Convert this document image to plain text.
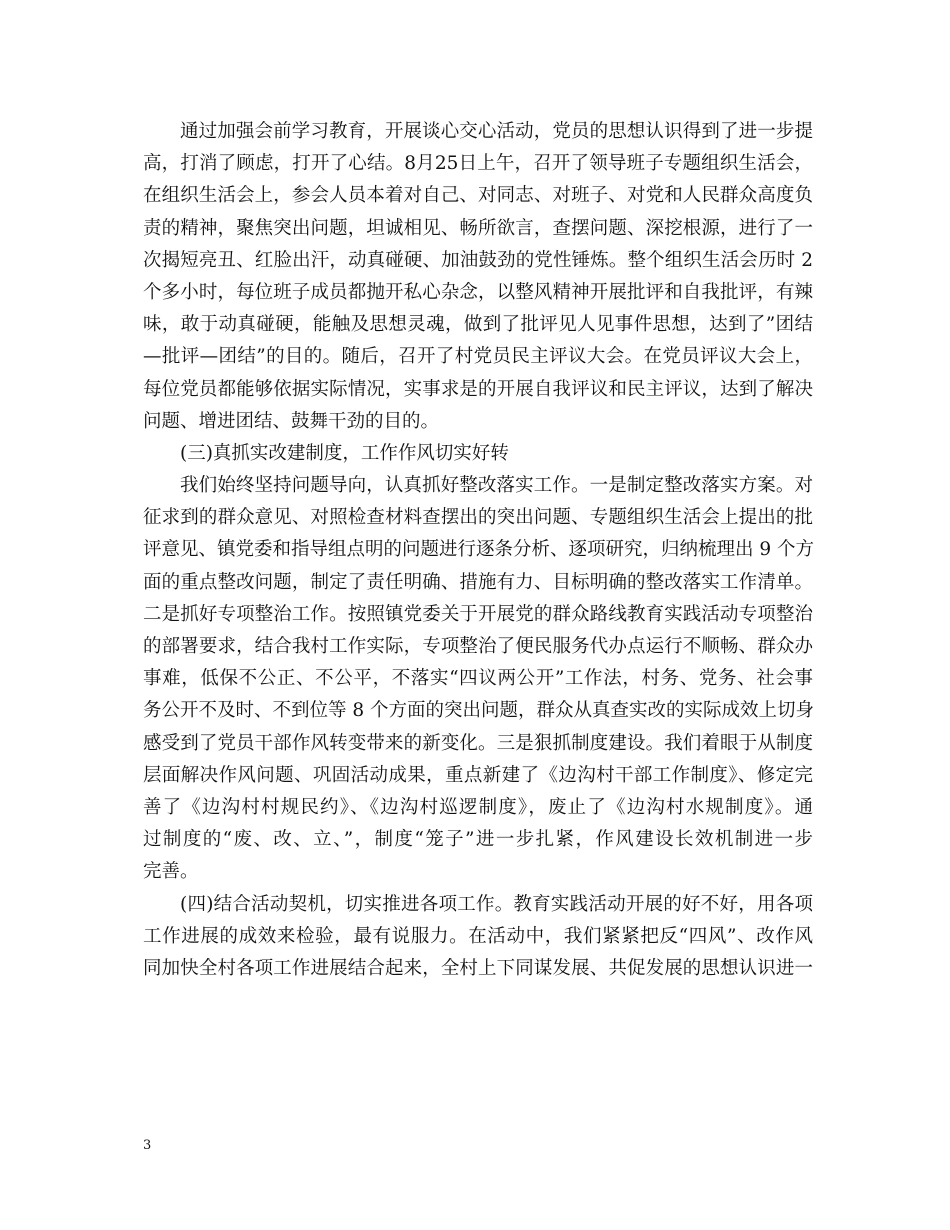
通过加强会前学习教育，开展谈心交心活动，党员的思想认识得到了进一步提
高，打消了顾虑，打开了心结。8月25日上午，召开了领导班子专题组织生活会，
在组织生活会上，参会人员本着对自己、对同志、对班子、对党和人民群众高度负
责的精神，聚焦突出问题，坦诚相见、畅所欲言，查摆问题、深挖根源，进行了一
次揭短亮丑、红脸出汗，动真碰硬、加油鼓劲的党性锤炼。整个组织生活会历时 2
个多小时，每位班子成员都抛开私心杂念，以整风精神开展批评和自我批评，有辣
味，敢于动真碰硬，能触及思想灵魂，做到了批评见人见事件思想，达到了”团结
—批评—团结”的目的。随后，召开了村党员民主评议大会。在党员评议大会上，
每位党员都能够依据实际情况，实事求是的开展自我评议和民主评议，达到了解决
问题、增进团结、鼓舞干劲的目的。
(三)真抓实改建制度，工作作风切实好转
我们始终坚持问题导向，认真抓好整改落实工作。一是制定整改落实方案。对
征求到的群众意见、对照检查材料查摆出的突出问题、专题组织生活会上提出的批
评意见、镇党委和指导组点明的问题进行逐条分析、逐项研究，归纳梳理出 9 个方
面的重点整改问题，制定了责任明确、措施有力、目标明确的整改落实工作清单。
二是抓好专项整治工作。按照镇党委关于开展党的群众路线教育实践活动专项整治
的部署要求，结合我村工作实际，专项整治了便民服务代办点运行不顺畅、群众办
事难，低保不公正、不公平，不落实“四议两公开”工作法，村务、党务、社会事
务公开不及时、不到位等 8 个方面的突出问题，群众从真查实改的实际成效上切身
感受到了党员干部作风转变带来的新变化。三是狠抓制度建设。我们着眼于从制度
层面解决作风问题、巩固活动成果，重点新建了《边沟村干部工作制度》、修定完
善了《边沟村村规民约》、《边沟村巡逻制度》，废止了《边沟村水规制度》。通
过制度的“废、改、立、”，制度“笼子”进一步扎紧，作风建设长效机制进一步
完善。
(四)结合活动契机，切实推进各项工作。教育实践活动开展的好不好，用各项
工作进展的成效来检验，最有说服力。在活动中，我们紧紧把反“四风”、改作风
同加快全村各项工作进展结合起来，全村上下同谋发展、共促发展的思想认识进一
3
